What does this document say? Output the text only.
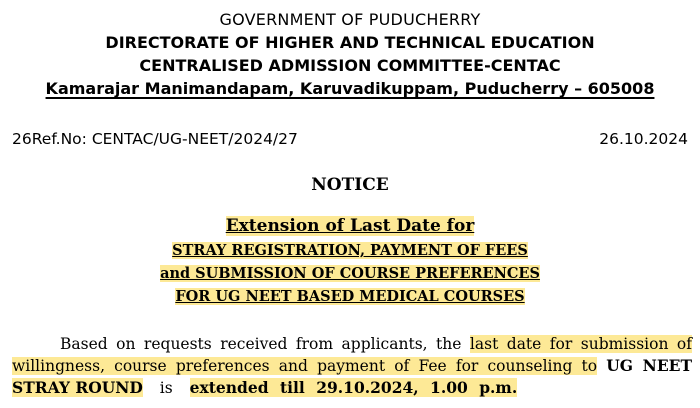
GOVERNMENT OF PUDUCHERRY
DIRECTORATE OF HIGHER AND TECHNICAL EDUCATION
CENTRALISED ADMISSION COMMITTEE-CENTAC
Kamarajar Manimandapam, Karuvadikuppam, Puducherry – 605008
26Ref.No: CENTAC/UG-NEET/2024/27	26.10.2024
NOTICE
Extension of Last Date for
STRAY REGISTRATION, PAYMENT OF FEES
and SUBMISSION OF COURSE PREFERENCES
FOR UG NEET BASED MEDICAL COURSES
Based on requests received from applicants, the last date for submission of
willingness, course preferences and payment of Fee for counseling to UG NEET
STRAY ROUND is extended till 29.10.2024, 1.00 p.m.
